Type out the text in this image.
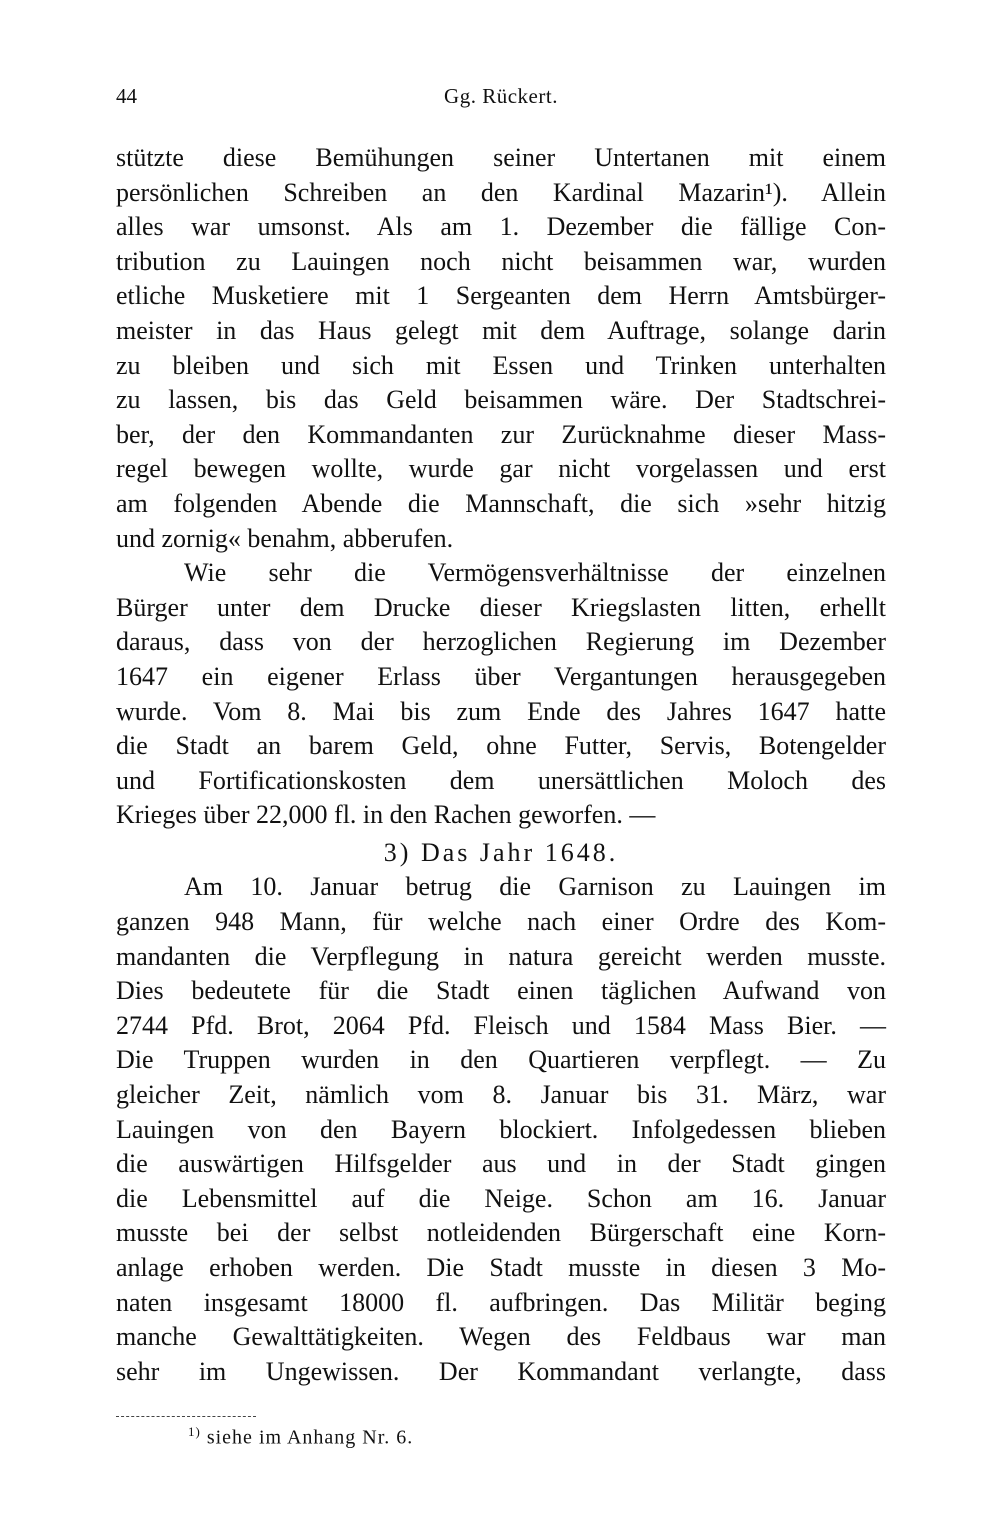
44	Gg. Rückert.
stützte diese Bemühungen seiner Untertanen mit einem
persönlichen Schreiben an den Kardinal Mazarin¹). Allein
alles war umsonst. Als am 1. Dezember die fällige Con-
tribution zu Lauingen noch nicht beisammen war, wurden
etliche Musketiere mit 1 Sergeanten dem Herrn Amtsbürger-
meister in das Haus gelegt mit dem Auftrage, solange darin
zu bleiben und sich mit Essen und Trinken unterhalten
zu lassen, bis das Geld beisammen wäre. Der Stadtschrei-
ber, der den Kommandanten zur Zurücknahme dieser Mass-
regel bewegen wollte, wurde gar nicht vorgelassen und erst
am folgenden Abende die Mannschaft, die sich »sehr hitzig
und zornig« benahm, abberufen.
Wie sehr die Vermögensverhältnisse der einzelnen
Bürger unter dem Drucke dieser Kriegslasten litten, erhellt
daraus, dass von der herzoglichen Regierung im Dezember
1647 ein eigener Erlass über Vergantungen herausgegeben
wurde. Vom 8. Mai bis zum Ende des Jahres 1647 hatte
die Stadt an barem Geld, ohne Futter, Servis, Botengelder
und Fortificationskosten dem unersättlichen Moloch des
Krieges über 22,000 fl. in den Rachen geworfen. —
3) Das Jahr 1648.
Am 10. Januar betrug die Garnison zu Lauingen im
ganzen 948 Mann, für welche nach einer Ordre des Kom-
mandanten die Verpflegung in natura gereicht werden musste.
Dies bedeutete für die Stadt einen täglichen Aufwand von
2744 Pfd. Brot, 2064 Pfd. Fleisch und 1584 Mass Bier. —
Die Truppen wurden in den Quartieren verpflegt. — Zu
gleicher Zeit, nämlich vom 8. Januar bis 31. März, war
Lauingen von den Bayern blockiert. Infolgedessen blieben
die auswärtigen Hilfsgelder aus und in der Stadt gingen
die Lebensmittel auf die Neige. Schon am 16. Januar
musste bei der selbst notleidenden Bürgerschaft eine Korn-
anlage erhoben werden. Die Stadt musste in diesen 3 Mo-
naten insgesamt 18000 fl. aufbringen. Das Militär beging
manche Gewalttätigkeiten. Wegen des Feldbaus war man
sehr im Ungewissen. Der Kommandant verlangte, dass
$^{1)}$ siehe im Anhang Nr. 6.
